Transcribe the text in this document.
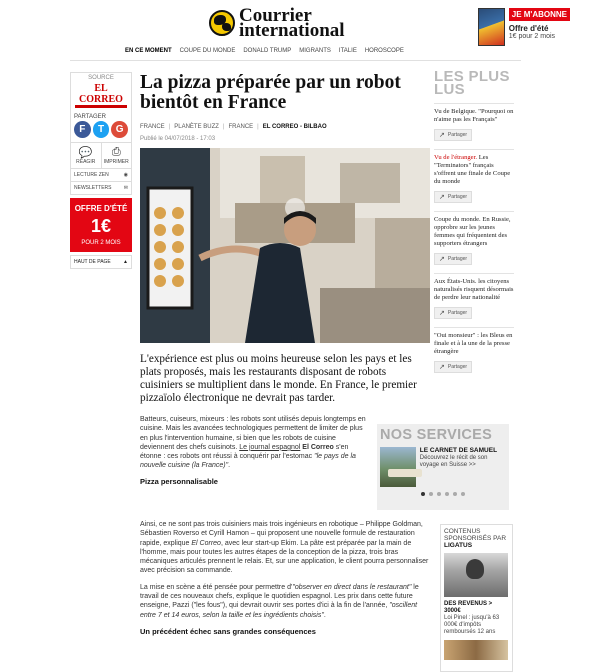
Courrier
international
JE M'ABONNE
Offre d'été
1€ pour 2 mois
EN CE MOMENT COUPE DU MONDE DONALD TRUMP MIGRANTS ITALIE HOROSCOPE
SOURCE
EL CORREO
PARTAGER
F	T	G
💬
RÉAGIR
⎙
IMPRIMER
LECTURE ZEN	◉
NEWSLETTERS ✉
OFFRE D'ÉTÉ
1€
POUR 2 MOIS
HAUT DE PAGE ▲
La pizza préparée par un robot bientôt en France
FRANCE | PLANÈTE BUZZ | FRANCE | EL CORREO - BILBAO
Publié le 04/07/2018 - 17:03

L'expérience est plus ou moins heureuse selon les pays et les plats proposés, mais les restaurants disposant de robots cuisiniers se multiplient dans le monde. En France, le premier pizzaïolo électronique ne devrait pas tarder.

Batteurs, cuiseurs, mixeurs : les robots sont utilisés depuis longtemps en cuisine. Mais les avancées technologiques permettent de limiter de plus en plus l'intervention humaine, si bien que les robots de cuisine deviennent des chefs cuisinots. Le journal espagnol El Correo s'en étonne : ces robots ont réussi à conquérir par l'estomac "le pays de la nouvelle cuisine (la France)".

Pizza personnalisable

Ainsi, ce ne sont pas trois cuisiniers mais trois ingénieurs en robotique – Philippe Goldman, Sébastien Roverso et Cyrill Hamon – qui proposent une nouvelle formule de restauration rapide, explique El Correo, avec leur start-up Ekim. La pâte est préparée par la main de l'homme, mais pour toutes les autres étapes de la conception de la pizza, trois bras mécaniques articulés prennent le relais. Et, sur une application, le client pourra personnaliser avec précision sa commande.

La mise en scène a été pensée pour permettre d'"observer en direct dans le restaurant" le travail de ces nouveaux chefs, explique le quotidien espagnol. Les prix dans cette future enseigne, Pazzi ("les fous"), qui devrait ouvrir ses portes d'ici à la fin de l'année, "oscillent entre 7 et 14 euros, selon la taille et les ingrédients choisis".

Un précédent échec sans grandes conséquences
NOS SERVICES
LE CARNET DE SAMUEL
Découvrez le récit de son voyage en Suisse >>
LES PLUS LUS

Vu de Belgique. "Pourquoi on n'aime pas les Français"

↗ Partager

Vu de l'étranger. Les "Terminators" français s'offrent une finale de Coupe du monde

↗ Partager

Coupe du monde. En Russie, opprobre sur les jeunes femmes qui fréquentent des supporters étrangers

↗ Partager

Aux États-Unis. les citoyens naturalisés risquent désormais de perdre leur nationalité

↗ Partager

"Oui monsieur" : les Bleus en finale et à la une de la presse étrangère

↗ Partager
CONTENUS SPONSORISÉS PAR LIGATUS
DES REVENUS > 3000€
Loi Pinel : jusqu'à 63 000€ d'impôts remboursés 12 ans
